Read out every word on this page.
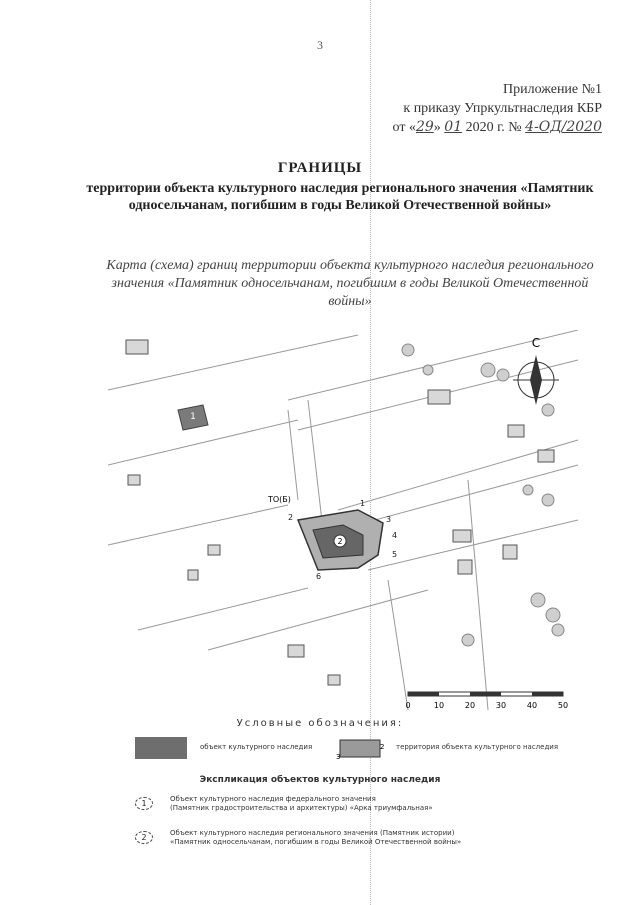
3
Приложение №1
к приказу Упркультнаследия КБР
от «29» 01 2020 г. № 4-ОД/2020
ГРАНИЦЫ
территории объекта культурного наследия регионального значения «Памятник односельчанам, погибшим в годы Великой Отечественной войны»
Карта (схема) границ территории объекта культурного наследия регионального значения «Памятник односельчанам, погибшим в годы Великой Отечественной войны»
1
2
ТО(Б)	1
2	3
4
5
6
С
0	10	20	30	40	50
Условные обозначения:
объект культурного наследия	2
3
территория объекта культурного наследия
Экспликация объектов культурного наследия
1	Объект культурного наследия федерального значения
(Памятник градостроительства и архитектуры) «Арка триумфальная»
2	Объект культурного наследия регионального значения (Памятник истории)
«Памятник односельчанам, погибшим в годы Великой Отечественной войны»
